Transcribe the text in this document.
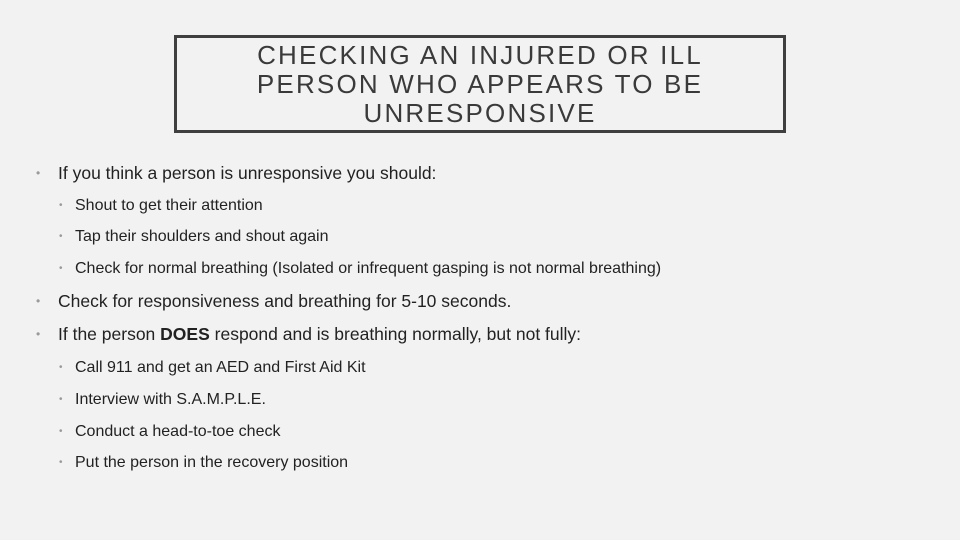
CHECKING AN INJURED OR ILL PERSON WHO APPEARS TO BE UNRESPONSIVE
• If you think a person is unresponsive you should:
• Shout to get their attention
• Tap their shoulders and shout again
• Check for normal breathing (Isolated or infrequent gasping is not normal breathing)
• Check for responsiveness and breathing for 5-10 seconds.
• If the person DOES respond and is breathing normally, but not fully:
• Call 911 and get an AED and First Aid Kit
• Interview with S.A.M.P.L.E.
• Conduct a head-to-toe check
• Put the person in the recovery position
